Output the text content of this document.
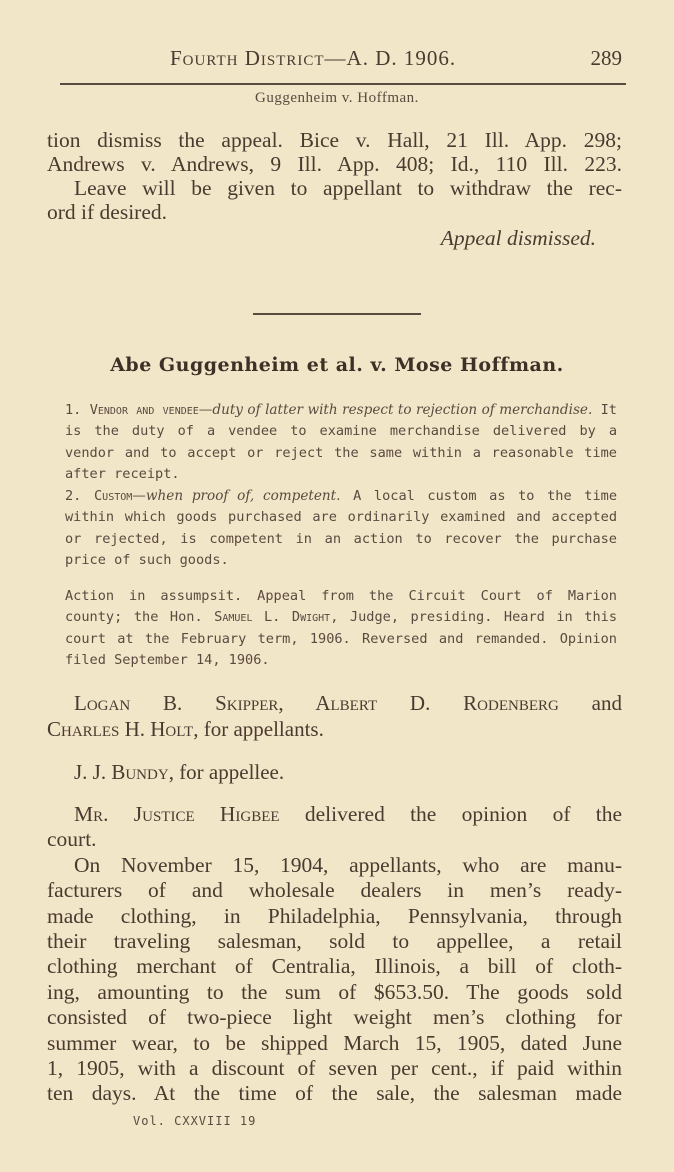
Fourth District—A. D. 1906.	289
Guggenheim v. Hoffman.
tion dismiss the appeal. Bice v. Hall, 21 Ill. App. 298;
Andrews v. Andrews, 9 Ill. App. 408; Id., 110 Ill. 223.
Leave will be given to appellant to withdraw the rec-
ord if desired.
Appeal dismissed.
Abe Guggenheim et al. v. Mose Hoffman.
1. Vendor and vendee—duty of latter with respect to rejection of merchandise. It is the duty of a vendee to examine merchandise delivered by a vendor and to accept or reject the same within a reasonable time after receipt.
2. Custom—when proof of, competent. A local custom as to the time within which goods purchased are ordinarily examined and accepted or rejected, is competent in an action to recover the purchase price of such goods.
Action in assumpsit. Appeal from the Circuit Court of Marion county; the Hon. Samuel L. Dwight, Judge, presiding. Heard in this court at the February term, 1906. Reversed and remanded. Opinion filed September 14, 1906.
Logan B. Skipper, Albert D. Rodenberg and
Charles H. Holt, for appellants.
J. J. Bundy, for appellee.
Mr. Justice Higbee delivered the opinion of the
court.
On November 15, 1904, appellants, who are manu-
facturers of and wholesale dealers in men’s ready-
made clothing, in Philadelphia, Pennsylvania, through
their traveling salesman, sold to appellee, a retail
clothing merchant of Centralia, Illinois, a bill of cloth-
ing, amounting to the sum of $653.50. The goods sold
consisted of two-piece light weight men’s clothing for
summer wear, to be shipped March 15, 1905, dated June
1, 1905, with a discount of seven per cent., if paid within
ten days. At the time of the sale, the salesman made
Vol. CXXVIII 19
